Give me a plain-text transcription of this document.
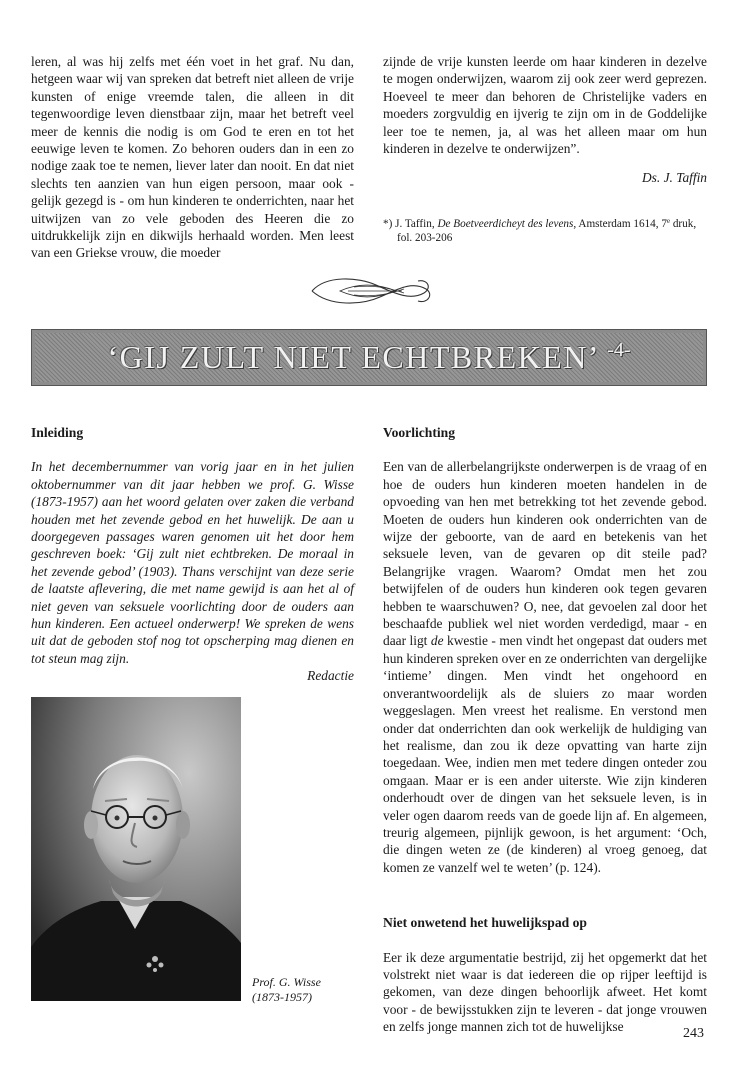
leren, al was hij zelfs met één voet in het graf. Nu dan, hetgeen waar wij van spreken dat betreft niet alleen de vrije kunsten of enige vreemde talen, die alleen in dit tegenwoordige leven dienstbaar zijn, maar het betreft veel meer de kennis die nodig is om God te eren en tot het eeuwige leven te komen. Zo behoren ouders dan in een zo nodige zaak toe te nemen, liever later dan nooit. En dat niet slechts ten aanzien van hun eigen persoon, maar ook - gelijk gezegd is - om hun kinderen te onderrichten, naar het uitwijzen van zo vele geboden des Heeren die zo uitdrukkelijk zijn en dikwijls herhaald worden. Men leest van een Griekse vrouw, die moeder
zijnde de vrije kunsten leerde om haar kinderen in dezelve te mogen onderwijzen, waarom zij ook zeer werd geprezen. Hoeveel te meer dan behoren de Christelijke vaders en moeders zorgvuldig en ijverig te zijn om in de Goddelijke leer toe te nemen, ja, al was het alleen maar om hun kinderen in dezelve te onderwijzen”.
Ds. J. Taffin
*) J. Taffin, De Boetveerdicheyt des levens, Amsterdam 1614, 7e druk, fol. 203-206
‘GIJ ZULT NIET ECHTBREKEN’ $^{-4-}$
Inleiding
In het decembernummer van vorig jaar en in het julien oktobernummer van dit jaar hebben we prof. G. Wisse (1873-1957) aan het woord gelaten over zaken die verband houden met het zevende gebod en het huwelijk. De aan u doorgegeven passages waren genomen uit het door hem geschreven boek: ‘Gij zult niet echtbreken. De moraal in het zevende gebod’ (1903). Thans verschijnt van deze serie de laatste aflevering, die met name gewijd is aan het al of niet geven van seksuele voorlichting door de ouders aan hun kinderen. Een actueel onderwerp! We spreken de wens uit dat de geboden stof nog tot opscherping mag dienen en tot steun mag zijn.
Redactie
Prof. G. Wisse
(1873-1957)
Voorlichting
Een van de allerbelangrijkste onderwerpen is de vraag of en hoe de ouders hun kinderen moeten handelen in de opvoeding van hen met betrekking tot het zevende gebod. Moeten de ouders hun kinderen ook onderrichten van de wijze der geboorte, van de aard en betekenis van het seksuele leven, van de gevaren op dit steile pad? Belangrijke vragen. Waarom? Omdat men het zou betwijfelen of de ouders hun kinderen ook tegen gevaren hebben te waarschuwen? O, nee, dat gevoelen zal door het beschaafde publiek wel niet worden verdedigd, maar - en daar ligt de kwestie - men vindt het ongepast dat ouders met hun kinderen spreken over en ze onderrichten van dergelijke ‘intieme’ dingen. Men vindt het ongehoord en onverantwoordelijk als de sluiers zo maar worden weggeslagen. Men vreest het realisme. En verstond men onder dat onderrichten dan ook werkelijk de huldiging van het realisme, dan zou ik deze opvatting van harte zijn toegedaan. Wee, indien men met tedere dingen onteder zou omgaan. Maar er is een ander uiterste. Wie zijn kinderen onderhoudt over de dingen van het seksuele leven, is in veler ogen daarom reeds van de goede lijn af. En algemeen, treurig algemeen, pijnlijk gewoon, is het argument: ‘Och, die dingen weten ze (de kinderen) al vroeg genoeg, dat komen ze vanzelf wel te weten’ (p. 124).
Niet onwetend het huwelijkspad op
Eer ik deze argumentatie bestrijd, zij het opgemerkt dat het volstrekt niet waar is dat iedereen die op rijper leeftijd is gekomen, van deze dingen behoorlijk afweet. Het komt voor - de bewijsstukken zijn te leveren - dat jonge vrouwen en zelfs jonge mannen zich tot de huwelijkse	243
